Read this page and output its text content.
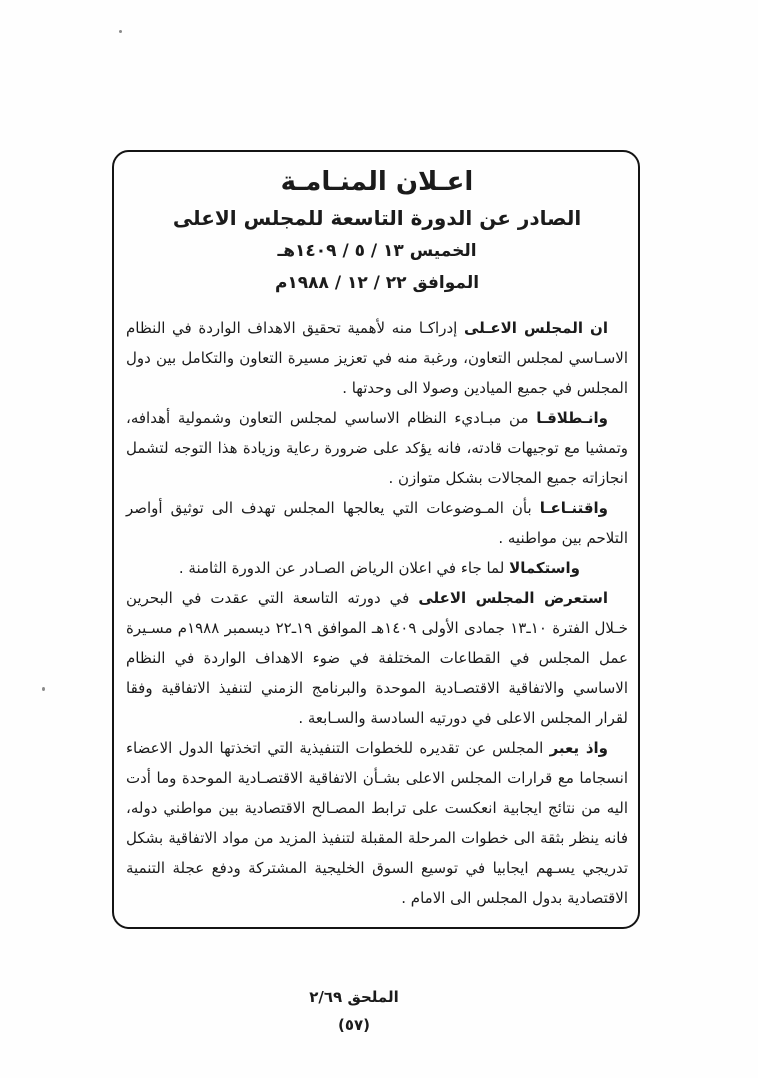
اعـلان المنـامـة
الصادر عن الدورة التاسعة للمجلس الاعلى
الخميس ١٣ / ٥ / ١٤٠٩هـ
الموافق ٢٢ / ١٢ / ١٩٨٨م

ان المجلس الاعـلى إدراكـا منه لأهمية تحقيق الاهداف الواردة في النظام الاسـاسي لمجلس التعاون، ورغبة منه في تعزيز مسيرة التعاون والتكامل بين دول المجلس في جميع الميادين وصولا الى وحدتها .

وانـطلاقـا من مبـاديء النظام الاساسي لمجلس التعاون وشمولية أهدافه، وتمشيا مع توجيهات قادته، فانه يؤكد على ضرورة رعاية وزيادة هذا التوجه لتشمل انجازاته جميع المجالات بشكل متوازن .

واقتنـاعـا بأن المـوضوعات التي يعالجها المجلس تهدف الى توثيق أواصر التلاحم بين مواطنيه .

واستكمالا لما جاء في اعلان الرياض الصـادر عن الدورة الثامنة .

استعرض المجلس الاعلى في دورته التاسعة التي عقدت في البحرين خـلال الفترة ١٠ـ١٣ جمادى الأولى ١٤٠٩هـ الموافق ١٩ـ٢٢ ديسمبر ١٩٨٨م مسـيرة عمل المجلس في القطاعات المختلفة في ضوء الاهداف الواردة في النظام الاساسي والاتفاقية الاقتصـادية الموحدة والبرنامج الزمني لتنفيذ الاتفاقية وفقا لقرار المجلس الاعلى في دورتيه السادسة والسـابعة .

واذ يعبر المجلس عن تقديره للخطوات التنفيذية التي اتخذتها الدول الاعضاء انسجاما مع قرارات المجلس الاعلى بشـأن الاتفاقية الاقتصـادية الموحدة وما أدت اليه من نتائج ايجابية انعكست على ترابط المصـالح الاقتصادية بين مواطني دوله، فانه ينظر بثقة الى خطوات المرحلة المقبلة لتنفيذ المزيد من مواد الاتفاقية بشكل تدريجي يسـهم ايجابيا في توسيع السوق الخليجية المشتركة ودفع عجلة التنمية الاقتصادية بدول المجلس الى الامام .

الملحق ٢/٦٩
(٥٧)
